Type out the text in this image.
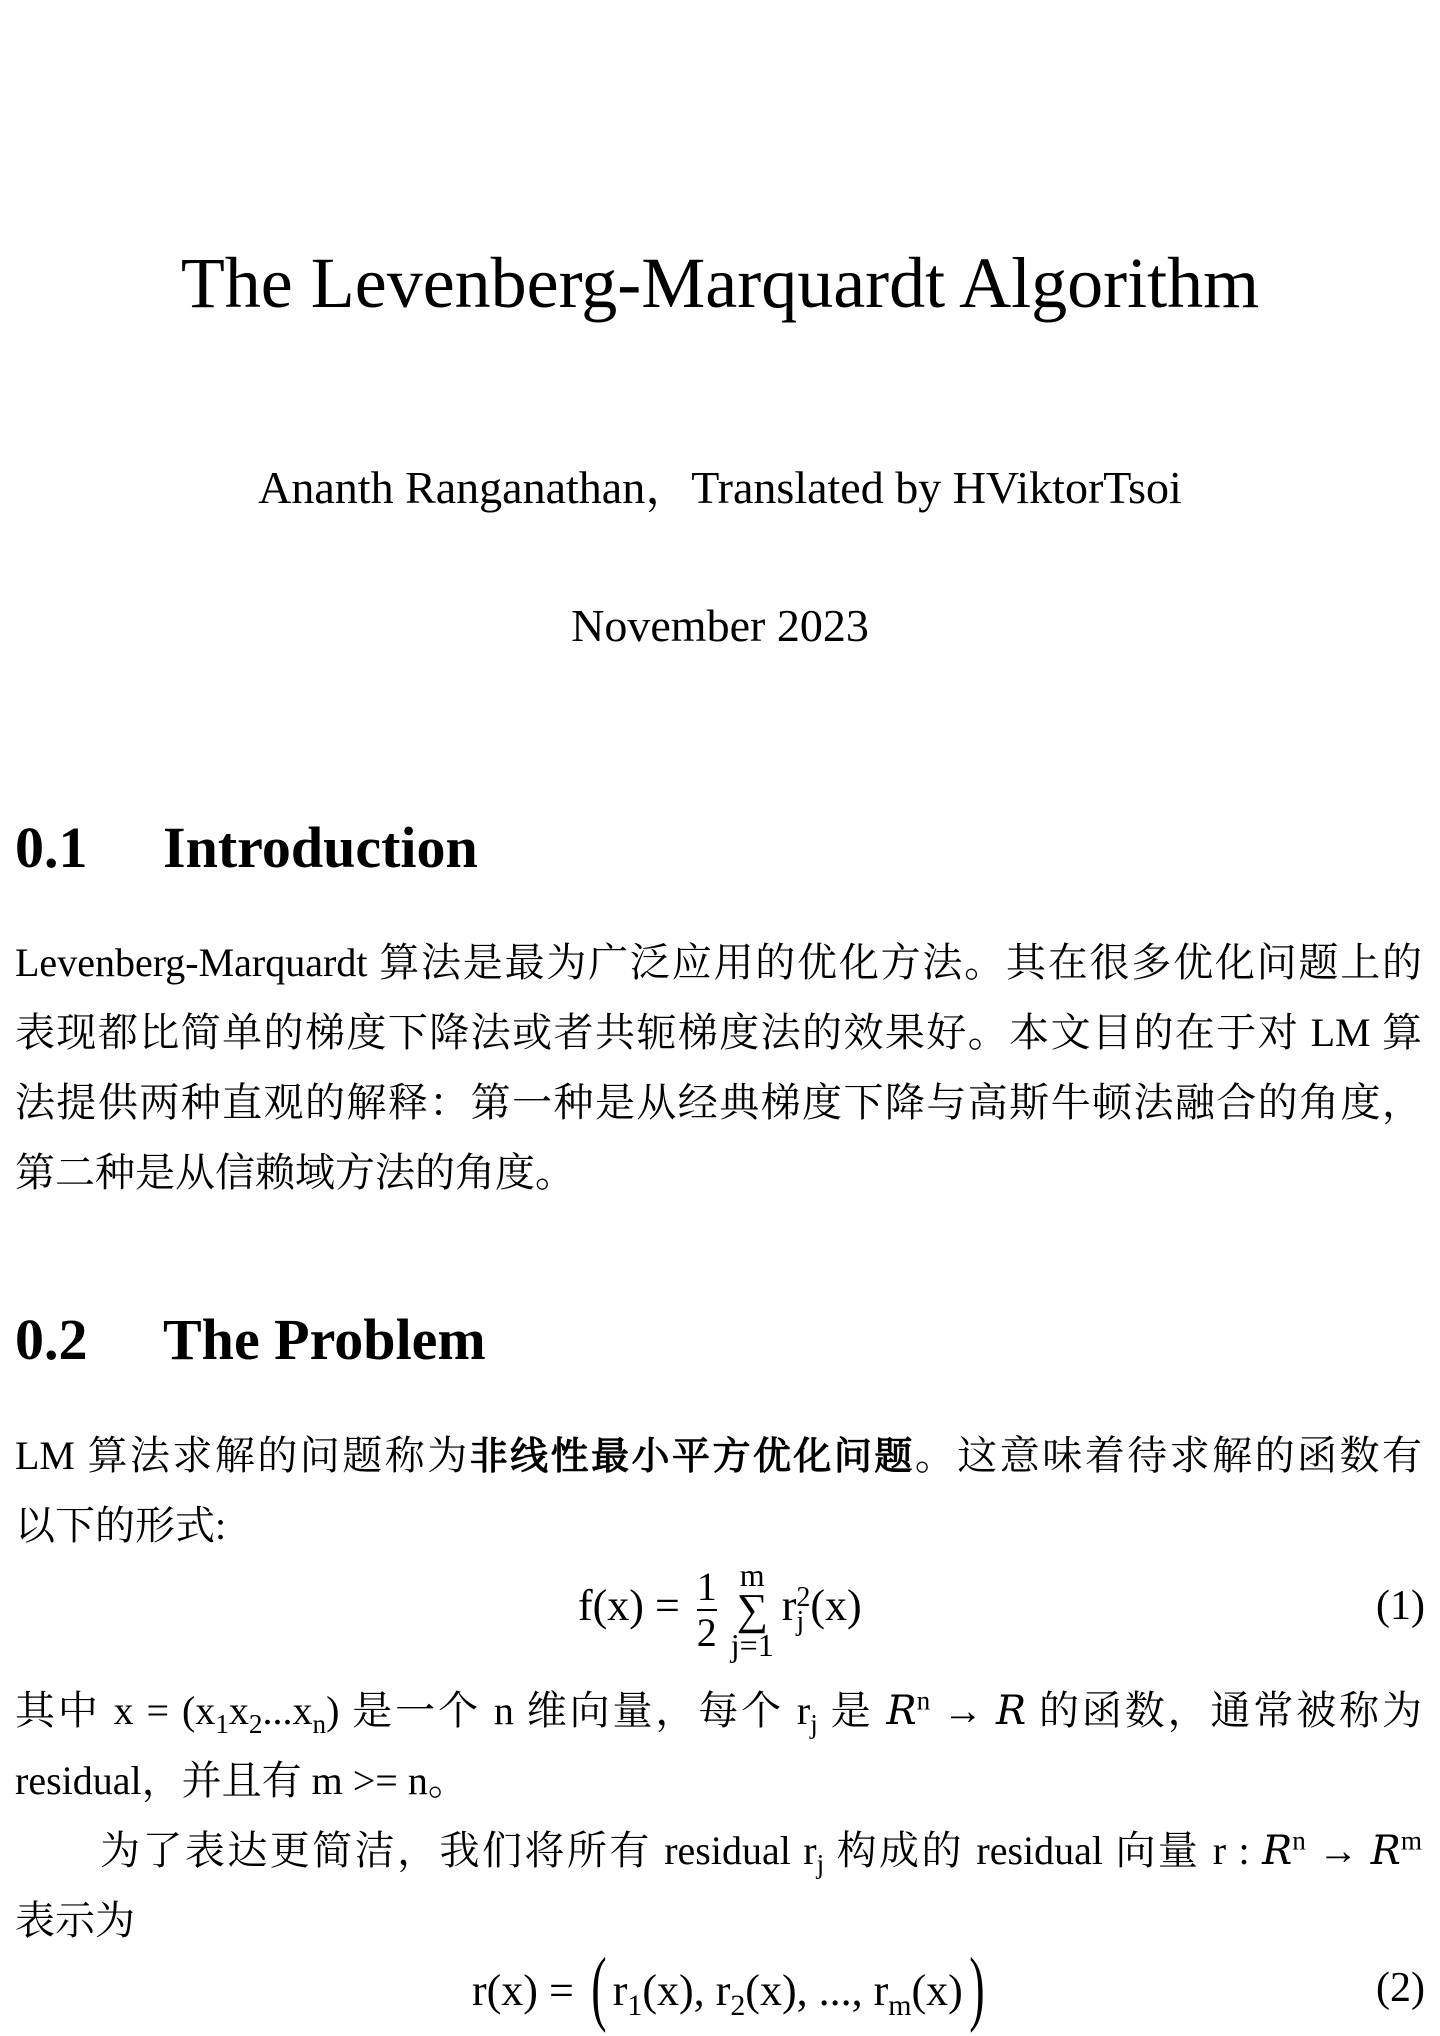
The Levenberg-Marquardt Algorithm
Ananth Ranganathan，Translated by HViktorTsoi
November 2023
0.1 Introduction
Levenberg-Marquardt 算法是最为广泛应用的优化方法。其在很多优化问题上的
表现都比简单的梯度下降法或者共轭梯度法的效果好。本文目的在于对 LM 算
法提供两种直观的解释：第一种是从经典梯度下降与高斯牛顿法融合的角度，
第二种是从信赖域方法的角度。
0.2 The Problem
LM 算法求解的问题称为非线性最小平方优化问题。这意味着待求解的函数有
以下的形式:
$f(x) = \frac{1}{2}$ m
∑
j=1
r 2
j (x)	(1)
其中 $x = (x_1x_2...x_n)$ 是一个 n 维向量，每个 $r_j$ 是 $R^n \to R$ 的函数，通常被称为
residual，并且有 m >= n。
为了表达更简洁，我们将所有 residual $r_j$ 构成的 residual 向量 r : $R^n \to R^m$
表示为
r(x) = ( $r_1(x)$, $r_2(x)$, ..., $r_m(x)$)	(2)
